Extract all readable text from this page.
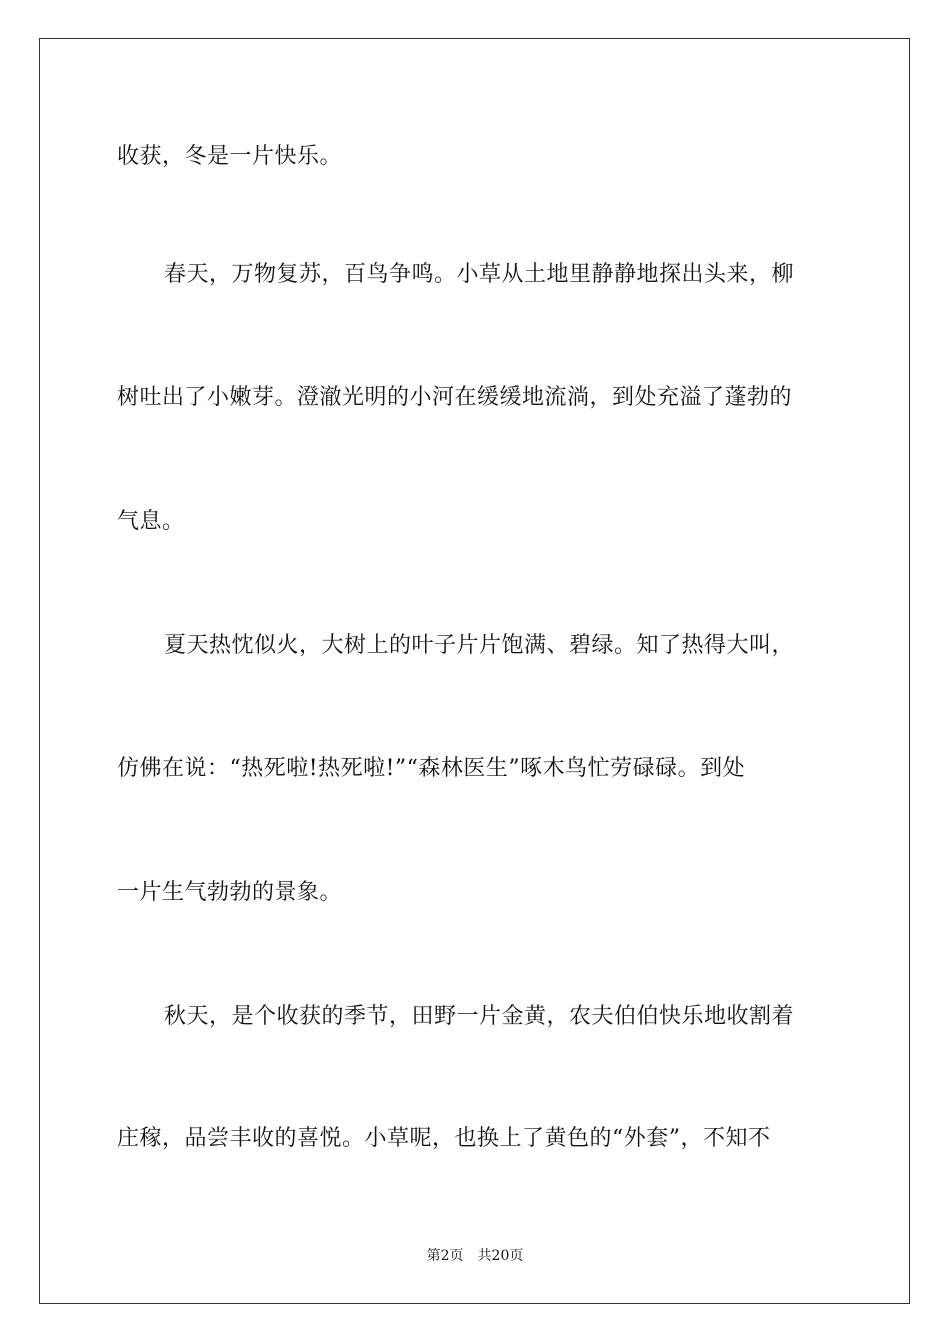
收获，冬是一片快乐。
春天，万物复苏，百鸟争鸣。小草从土地里静静地探出头来，柳
树吐出了小嫩芽。澄澈光明的小河在缓缓地流淌，到处充溢了蓬勃的
气息。
夏天热忱似火，大树上的叶子片片饱满、碧绿。知了热得大叫，
仿佛在说：“热死啦!热死啦!”“森林医生”啄木鸟忙劳碌碌。到处
一片生气勃勃的景象。
秋天，是个收获的季节，田野一片金黄，农夫伯伯快乐地收割着
庄稼，品尝丰收的喜悦。小草呢，也换上了黄色的“外套”，不知不
第2页 共20页
